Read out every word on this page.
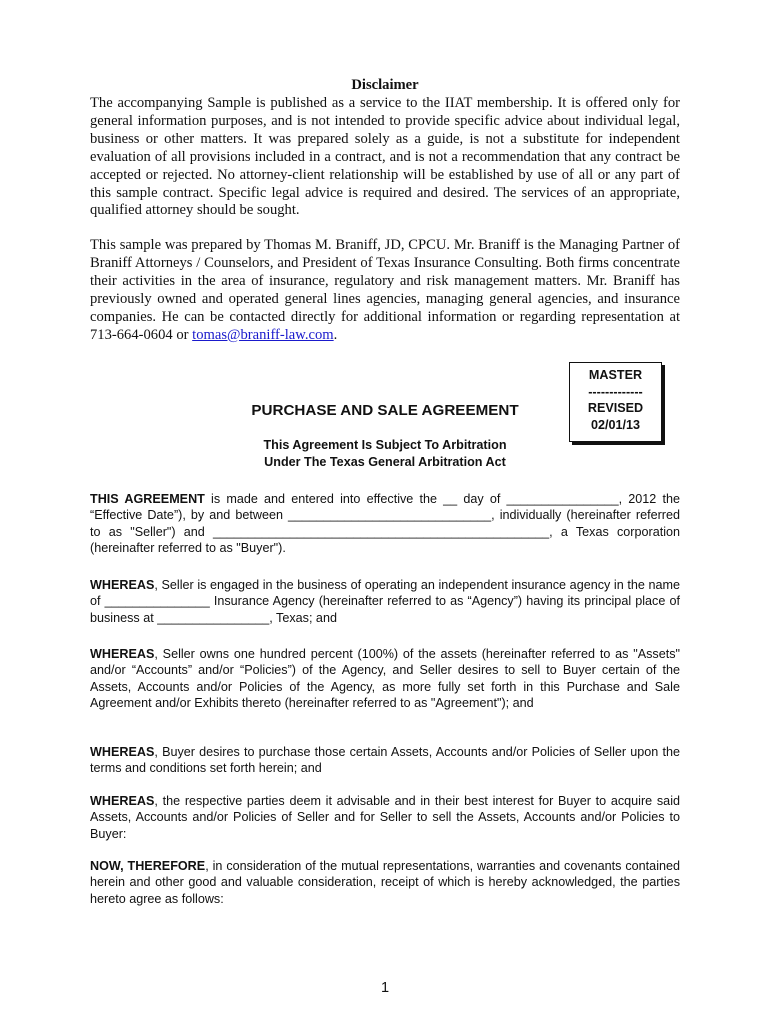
Disclaimer
The accompanying Sample is published as a service to the IIAT membership. It is offered only for general information purposes, and is not intended to provide specific advice about individual legal, business or other matters. It was prepared solely as a guide, is not a substitute for independent evaluation of all provisions included in a contract, and is not a recommendation that any contract be accepted or rejected. No attorney-client relationship will be established by use of all or any part of this sample contract. Specific legal advice is required and desired. The services of an appropriate, qualified attorney should be sought.
This sample was prepared by Thomas M. Braniff, JD, CPCU. Mr. Braniff is the Managing Partner of Braniff Attorneys / Counselors, and President of Texas Insurance Consulting. Both firms concentrate their activities in the area of insurance, regulatory and risk management matters. Mr. Braniff has previously owned and operated general lines agencies, managing general agencies, and insurance companies. He can be contacted directly for additional information or regarding representation at 713-664-0604 or tomas@braniff-law.com.
MASTER
-------------
REVISED
02/01/13
PURCHASE AND SALE AGREEMENT
This Agreement Is Subject To Arbitration
Under The Texas General Arbitration Act
THIS AGREEMENT is made and entered into effective the __ day of ________________, 2012 the “Effective Date”), by and between _____________________________, individually (hereinafter referred to as "Seller") and ________________________________________________, a Texas corporation (hereinafter referred to as "Buyer").
WHEREAS, Seller is engaged in the business of operating an independent insurance agency in the name of _______________ Insurance Agency (hereinafter referred to as “Agency”) having its principal place of business at ________________, Texas; and
WHEREAS, Seller owns one hundred percent (100%) of the assets (hereinafter referred to as "Assets" and/or “Accounts” and/or “Policies”) of the Agency, and Seller desires to sell to Buyer certain of the Assets, Accounts and/or Policies of the Agency, as more fully set forth in this Purchase and Sale Agreement and/or Exhibits thereto (hereinafter referred to as "Agreement"); and
WHEREAS, Buyer desires to purchase those certain Assets, Accounts and/or Policies of Seller upon the terms and conditions set forth herein; and
WHEREAS, the respective parties deem it advisable and in their best interest for Buyer to acquire said Assets, Accounts and/or Policies of Seller and for Seller to sell the Assets, Accounts and/or Policies to Buyer:
NOW, THEREFORE, in consideration of the mutual representations, warranties and covenants contained herein and other good and valuable consideration, receipt of which is hereby acknowledged, the parties hereto agree as follows:
1
